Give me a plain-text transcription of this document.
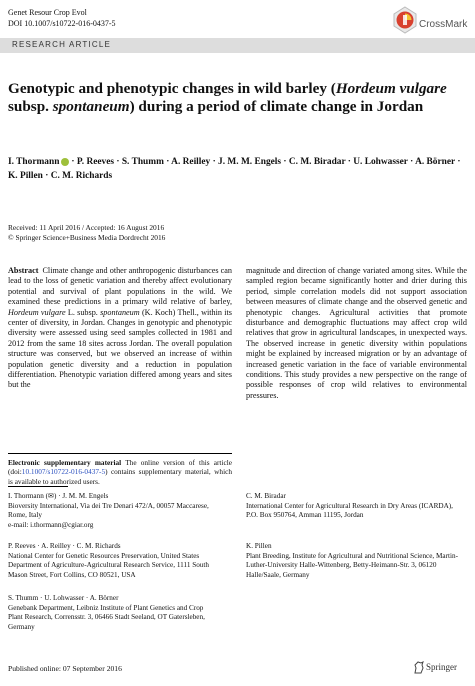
Genet Resour Crop Evol
DOI 10.1007/s10722-016-0437-5	CrossMark
RESEARCH ARTICLE
Genotypic and phenotypic changes in wild barley (Hordeum vulgare subsp. spontaneum) during a period of climate change in Jordan
I. Thormann · P. Reeves · S. Thumm · A. Reilley · J. M. M. Engels · C. M. Biradar · U. Lohwasser · A. Börner · K. Pillen · C. M. Richards
Received: 11 April 2016 / Accepted: 16 August 2016
© Springer Science+Business Media Dordrecht 2016
Abstract Climate change and other anthropogenic disturbances can lead to the loss of genetic variation and thereby affect evolutionary potential and survival of plant populations in the wild. We examined these predictions in a primary wild relative of barley, Hordeum vulgare L. subsp. spontaneum (K. Koch) Thell., within its center of diversity, in Jordan. Changes in genotypic and phenotypic diversity were assessed using seed samples collected in 1981 and 2012 from the same 18 sites across Jordan. The overall population structure was conserved, but we observed an increase of within population genetic diversity and a reduction in population differentiation. Phenotypic variation differed among years and sites but the
magnitude and direction of change variated among sites. While the sampled region became significantly hotter and drier during this period, simple correlation models did not support association between measures of climate change and the observed genetic and phenotypic changes. Agricultural activities that promote disturbance and demographic fluctuations may affect crop wild relatives that grow in agricultural landscapes, in unexpected ways. The observed increase in genetic diversity within populations might be explained by increased migration or by an advantage of increased genetic variation in the face of variable environmental conditions. This study provides a new perspective on the range of possible responses of crop wild relatives to environmental pressures.
Electronic supplementary material The online version of this article (doi:10.1007/s10722-016-0437-5) contains supplementary material, which is available to authorized users.
I. Thormann (✉) · J. M. M. Engels
Bioversity International, Via dei Tre Denari 472/A, 00057 Maccarese, Rome, Italy
e-mail: i.thormann@cgiar.org
P. Reeves · A. Reilley · C. M. Richards
National Center for Genetic Resources Preservation, United States Department of Agriculture-Agricultural Research Service, 1111 South Mason Street, Fort Collins, CO 80521, USA
S. Thumm · U. Lohwasser · A. Börner
Genebank Department, Leibniz Institute of Plant Genetics and Crop Plant Research, Corrensstr. 3, 06466 Stadt Seeland, OT Gatersleben, Germany
C. M. Biradar
International Center for Agricultural Research in Dry Areas (ICARDA), P.O. Box 950764, Amman 11195, Jordan
K. Pillen
Plant Breeding, Institute for Agricultural and Nutritional Science, Martin-Luther-University Halle-Wittenberg, Betty-Heimann-Str. 3, 06120 Halle/Saale, Germany
Published online: 07 September 2016	Springer
